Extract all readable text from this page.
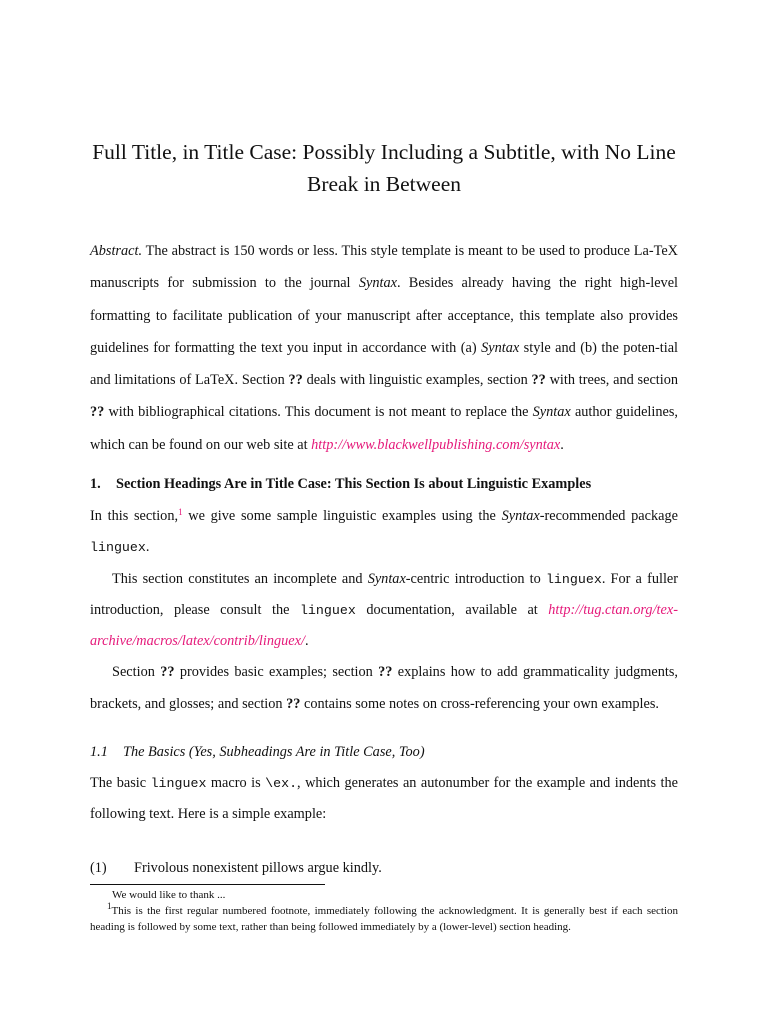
Full Title, in Title Case: Possibly Including a Subtitle, with No Line Break in Between
Abstract. The abstract is 150 words or less. This style template is meant to be used to produce La-TeX manuscripts for submission to the journal Syntax. Besides already having the right high-level formatting to facilitate publication of your manuscript after acceptance, this template also provides guidelines for formatting the text you input in accordance with (a) Syntax style and (b) the poten-tial and limitations of LaTeX. Section ?? deals with linguistic examples, section ?? with trees, and section ?? with bibliographical citations. This document is not meant to replace the Syntax author guidelines, which can be found on our web site at http://www.blackwellpublishing.com/syntax.
1. Section Headings Are in Title Case: This Section Is about Linguistic Examples

In this section,$^1$ we give some sample linguistic examples using the Syntax-recommended package linguex.

This section constitutes an incomplete and Syntax-centric introduction to linguex. For a fuller introduction, please consult the linguex documentation, available at http://tug.ctan.org/tex-archive/macros/latex/contrib/linguex/.

Section ?? provides basic examples; section ?? explains how to add grammaticality judgments, brackets, and glosses; and section ?? contains some notes on cross-referencing your own examples.

1.1 The Basics (Yes, Subheadings Are in Title Case, Too)
The basic linguex macro is \ex., which generates an autonumber for the example and indents the following text. Here is a simple example:
(1) Frivolous nonexistent pillows argue kindly.
We would like to thank ...
$^1$This is the first regular numbered footnote, immediately following the acknowledgment. It is generally best if each section heading is followed by some text, rather than being followed immediately by a (lower-level) section heading.
